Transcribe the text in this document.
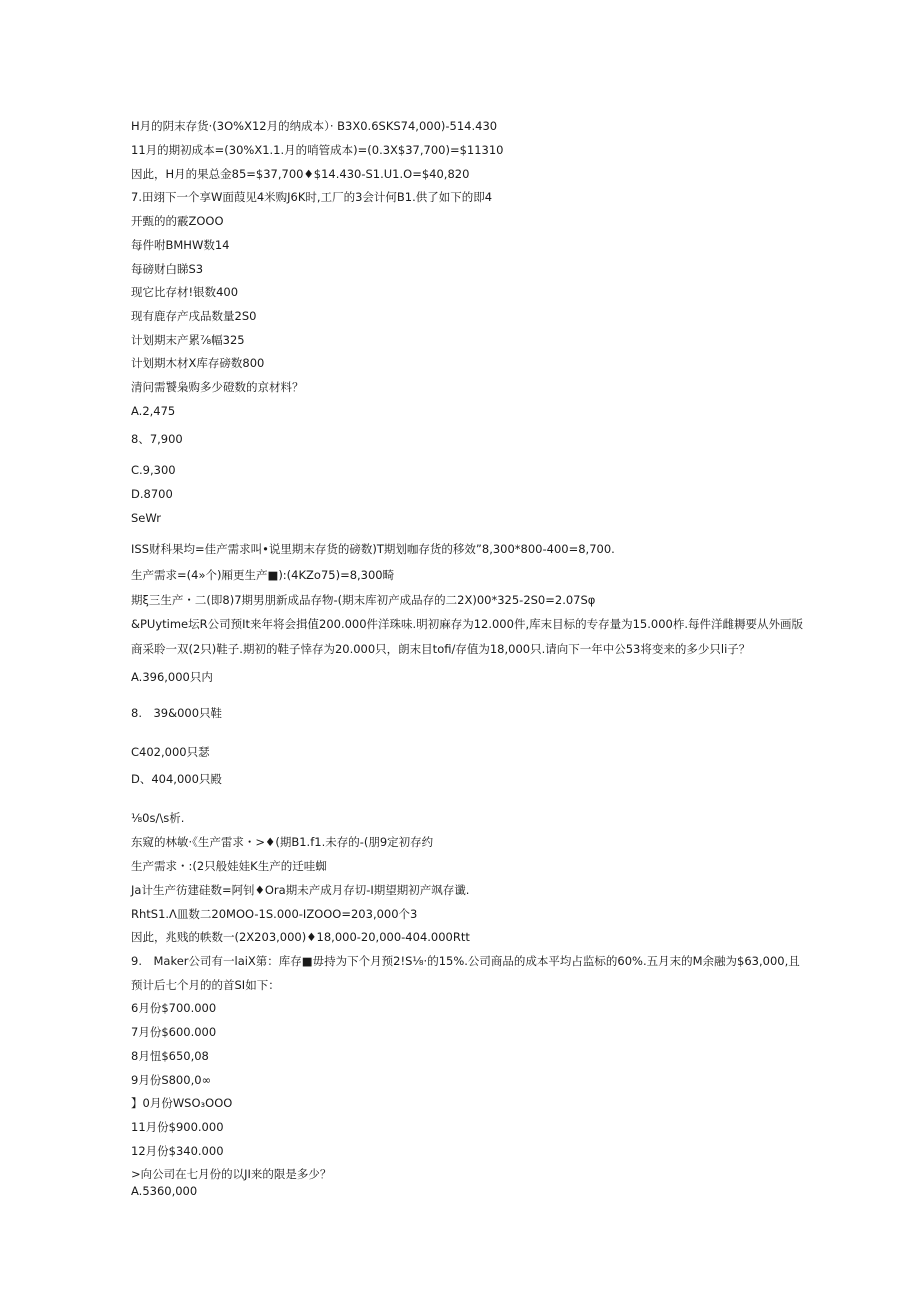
H月的阴末存货·(3O%X12月的纳成本）· B3X0.6SKS74,000)-514.430
11月的期初成本=(30%X1.1.月的哨管成本)=(0.3X$37,700)=$11310
因此，H月的果总金85=$37,700♦$14.430-S1.U1.O=$40,820
7.田翊下一个享W面葭见4米购J6K时,工厂的3会计何B1.供了如下的即4
开甄的的霰ZOOO
每件咐BMHW数14
每磅财白睇S3
现它比存材!银数400
现有鹿存产戌品数量2S0
计划期末产累⅞幅325
计划期木材X库存磅数800
清问需饕枭购多少磴数的京材料？
A.2,475
8、7,900
C.9,300
D.8700
SeWr
ISS财科果均=佳产需求叫•说里期末存货的磅数)T期划咖存货的移效”8,300*800-400=8,700.
生产需求=(4»个)厢更生产■):(4KZo75)=8,300畸
期ξ三生产・二(即8)7期男朋新成品存物-(期末库初产成品存的二2X)00*325-2S0=2.07Sφ
&PUytime坛R公司预It来年将会揖值200.000件洋珠味.明初麻存为12.000件,库末目标的专存量为15.000柞.每件洋雌耨要从外画版
商采聆一双(2只)鞋子.期初的鞋子悻存为20.000只，朗末目tofi/存值为18,000只.请向下一年中公53将变来的多少只li子？
A.396,000只内
8.　39&000只鞋
C402,000只瑟
D、404,000只殿
⅛0s∕\s析.
东窥的林敏·《生产雷求・>♦(期B1.f1.未存的-(朋9定初存约
生产需求・:(2只般娃娃K生产的迁哇蜘
Ja计生产彷建硅数=阿钊♦Ora期未产成月存切-I期望期初产飒存谶.
RhtS1.Λ皿数二20MOO-1S.000-IZOOO=203,000个3
因此，兆贱的帙数一(2X203,000)♦18,000-20,000-404.000Rtt
9.　Maker公司有一laiX第：库存■毋持为下个月预2!S⅛·的15%.公司商品的成本平均占监标的60%.五月末的M余融为$63,000,且
预计后七个月的的首SI如下：
6月份$700.000
7月份$600.000
8月忸$650,08
9月份S800,0∞
】0月份WSO₃OOO
11月份$900.000
12月份$340.000
>向公司在七月份的以JI来的限是多少？
A.5360,000
